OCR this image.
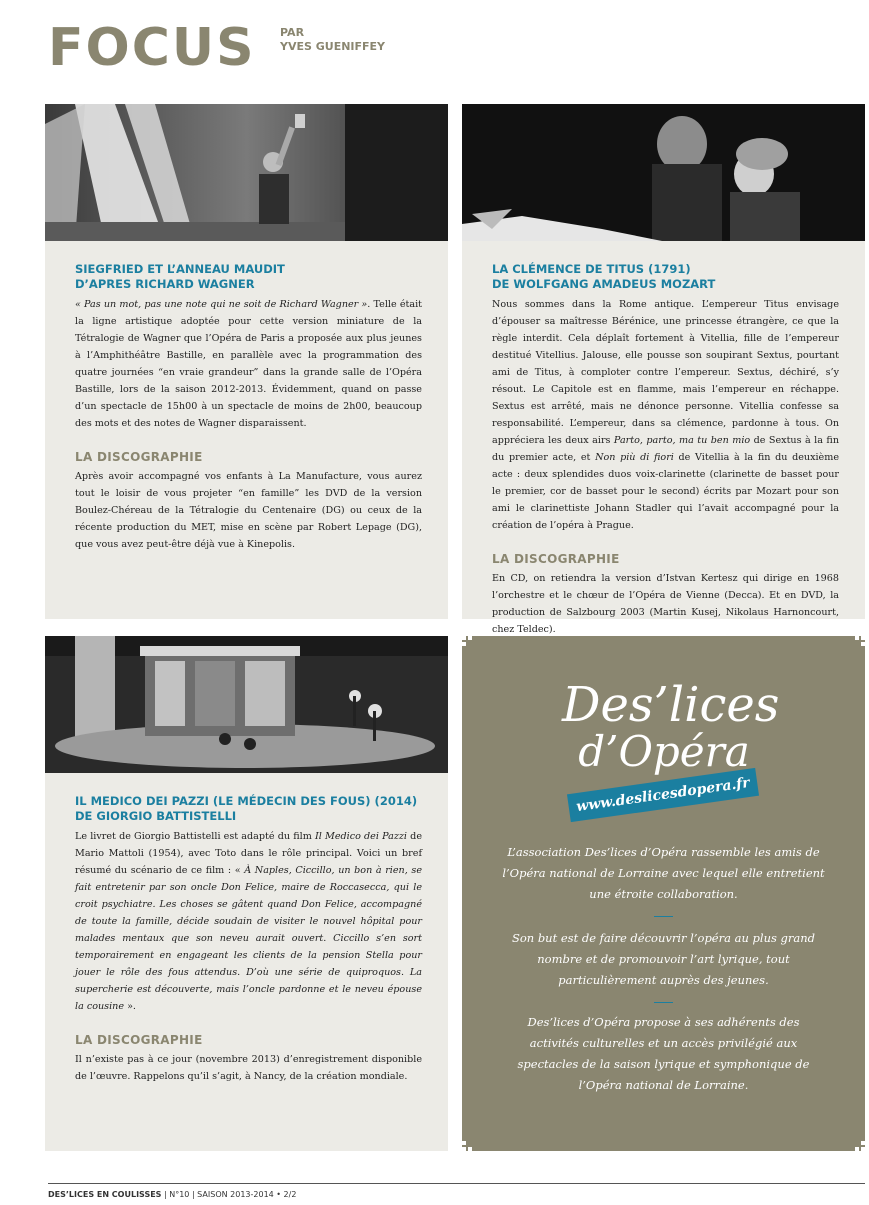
FOCUS PAR
YVES GUENIFFEY
SIEGFRIED ET L’ANNEAU MAUDIT
D’APRES RICHARD WAGNER

« Pas un mot, pas une note qui ne soit de Richard Wagner ». Telle était la ligne artistique adoptée pour cette version miniature de la Tétralogie de Wagner que l’Opéra de Paris a proposée aux plus jeunes à l’Amphithéâtre Bastille, en parallèle avec la programmation des quatre journées “en vraie grandeur” dans la grande salle de l’Opéra Bastille, lors de la saison 2012-2013. Évidemment, quand on passe d’un spectacle de 15h00 à un spectacle de moins de 2h00, beaucoup des mots et des notes de Wagner disparaissent.

LA DISCOGRAPHIE

Après avoir accompagné vos enfants à La Manufacture, vous aurez tout le loisir de vous projeter “en famille” les DVD de la version Boulez-Chéreau de la Tétralogie du Centenaire (DG) ou ceux de la récente production du MET, mise en scène par Robert Lepage (DG), que vous avez peut-être déjà vue à Kinepolis.

LA CLÉMENCE DE TITUS (1791)
DE WOLFGANG AMADEUS MOZART

Nous sommes dans la Rome antique. L’empereur Titus envisage d’épouser sa maîtresse Bérénice, une princesse étrangère, ce que la règle interdit. Cela déplaît fortement à Vitellia, fille de l’empereur destitué Vitellius. Jalouse, elle pousse son soupirant Sextus, pourtant ami de Titus, à comploter contre l’empereur. Sextus, déchiré, s’y résout. Le Capitole est en flamme, mais l’empereur en réchappe. Sextus est arrêté, mais ne dénonce personne. Vitellia confesse sa responsabilité. L’empereur, dans sa clémence, pardonne à tous. On appréciera les deux airs Parto, parto, ma tu ben mio de Sextus à la fin du premier acte, et Non più di fiori de Vitellia à la fin du deuxième acte : deux splendides duos voix-clarinette (clarinette de basset pour le premier, cor de basset pour le second) écrits par Mozart pour son ami le clarinettiste Johann Stadler qui l’avait accompagné pour la création de l’opéra à Prague.

LA DISCOGRAPHIE

En CD, on retiendra la version d’Istvan Kertesz qui dirige en 1968 l’orchestre et le chœur de l’Opéra de Vienne (Decca). Et en DVD, la production de Salzbourg 2003 (Martin Kusej, Nikolaus Harnoncourt, chez Teldec).

IL MEDICO DEI PAZZI (LE MÉDECIN DES FOUS) (2014)
DE GIORGIO BATTISTELLI

Le livret de Giorgio Battistelli est adapté du film Il Medico dei Pazzi de Mario Mattoli (1954), avec Toto dans le rôle principal. Voici un bref résumé du scénario de ce film : « À Naples, Ciccillo, un bon à rien, se fait entretenir par son oncle Don Felice, maire de Roccasecca, qui le croit psychiatre. Les choses se gâtent quand Don Felice, accompagné de toute la famille, décide soudain de visiter le nouvel hôpital pour malades mentaux que son neveu aurait ouvert. Ciccillo s’en sort temporairement en engageant les clients de la pension Stella pour jouer le rôle des fous attendus. D’où une série de quiproquos. La supercherie est découverte, mais l’oncle pardonne et le neveu épouse la cousine ».

LA DISCOGRAPHIE

Il n’existe pas à ce jour (novembre 2013) d’enregistrement disponible de l’œuvre. Rappelons qu’il s’agit, à Nancy, de la création mondiale.

Des’lices
d’Opéra
www.deslicesdopera.fr

L’association Des’lices d’Opéra rassemble les amis de l’Opéra national de Lorraine avec lequel elle entretient une étroite collaboration.

Son but est de faire découvrir l’opéra au plus grand nombre et de promouvoir l’art lyrique, tout particulièrement auprès des jeunes.

Des’lices d’Opéra propose à ses adhérents des activités culturelles et un accès privilégié aux spectacles de la saison lyrique et symphonique de l’Opéra national de Lorraine.

DES’LICES EN COULISSES | N°10 | SAISON 2013-2014 • 2/2
